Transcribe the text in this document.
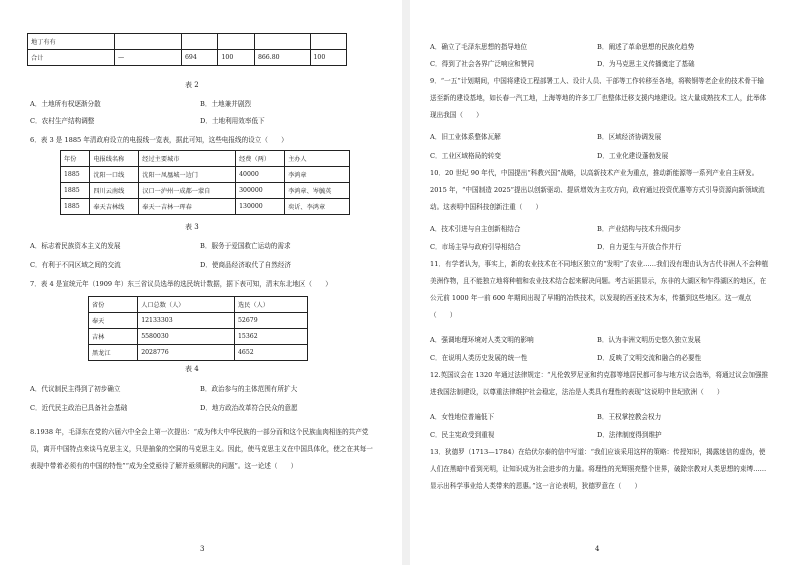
地丁有有					
合计	—	694	100	866.80	100
表 2
A．土地所有权逐渐分散	B．土地兼并剧烈
C．农村生产结构调整	D．土地利用效率低下
6．表 3 是 1885 年清政府设立的电报线一览表，据此可知，这些电报线的设立（　　）
年份	电报线名称	经过主要城市	经费（两）	主办人
1885	沈阳一口线	沈阳一凤凰城一边门	40000	李鸿章
1885	四川云南线	汉口一泸州一成都一蒙自	300000	李鸿章、岑毓英
1885	奉天吉林线	奉天一吉林一珲春	130000	奕䜣、李鸿章
表 3
A．标志着民族资本主义的发展	B．服务于爱国救亡运动的需求
C．有利于不同区域之间的交流	D．使商品经济取代了自然经济
7．表 4 是宣统元年（1909 年）东三省议员选举的选民统计数据，据下表可知，清末东北地区（　　）
省份	人口总数（人）	选民（人）
奉天	12133303	52679
吉林	5580030	15362
黑龙江	2028776	4652
表 4
A．代议制民主得到了初步确立	B．政治参与的主体范围有所扩大
C．近代民主政治已具备社会基础	D．地方政治改革符合民众的意愿
8.1938 年，毛泽东在党的六届六中全会上第一次提出：“成为伟大中华民族的一部分而和这个民族血肉相连的共产党员，离开中国特点来谈马克思主义，只是抽象的空洞的马克思主义。因此，使马克思主义在中国具体化，使之在其每一表现中带着必须有的中国的特性”“成为全党亟待了解并亟须解决的问题”。这一论述（　　）
3
A．确立了毛泽东思想的指导地位	B．阐述了革命思想的民族化趋势
C．得到了社会各界广泛响应和赞同	D．为马克思主义传播奠定了基础
9．“一五”计划期间，中国将建设工程部署工人、设计人员、干部等工作转移至各地，将鞍钢等老企业的技术骨干输送至新的建设基地，如长春一汽工地，上海等地的许多工厂也整体迁移支援内地建设。这大量成熟技术工人，此举体现出我国（　　）
A．旧工业体系整体瓦解	B．区域经济协调发展
C．工业区域格局的转变	D．工业化建设蓬勃发展
10．20 世纪 90 年代，中国提出“科教兴国”战略，以高新技术产业为重点，推动新能源等一系列产业自主研发。2015 年，“中国制造 2025”提出以创新驱动、提质增效为主攻方向，政府通过投资优惠等方式引导资源向新领域流动。这表明中国科技创新注重（　　）
A．技术引进与自主创新相结合	B．产业结构与技术升级同步
C．市场主导与政府引导相结合	D．自力更生与开放合作并行
11．有学者认为，事实上，新的农业技术在不同地区独立的“发明”了农业……我们没有理由认为古代非洲人不会种植美洲作物，且不能独立地将种植和农业技术结合起来解决问题。考古证据显示，东非的大湖区和乍得湖区的地区，在公元前 1000 年一前 600 年期间出现了早期的冶铁技术，以发现的西亚技术为本，传播到这些地区。这一观点（　　）
A．强调地理环境对人类文明的影响	B．认为非洲文明历史悠久独立发展
C．在说明人类历史发展的统一性	D．反映了文明交流和融合的必要性
12.英国议会在 1320 年通过法律规定：“凡伦敦罗尼亚和约克郡等地居民都可参与地方议会选举，将通过议会加强推进我国法制建设，以尊重法律维护社会稳定，法治是人类具有理性的表现”这说明中世纪欧洲（　　）
A．女性地位普遍低下	B．王权掌控教会权力
C．民主宪政受到重视	D．法律制度得到维护
13．狄德罗（1713—1784）在给伏尔泰的信中写道：“我们应该采用这样的策略：传授知识，揭露迷信的虚伪，使人们在黑暗中看到光明，让知识成为社会进步的力量。将理性的光辉照亮整个世界，破除宗教对人类思想的束缚……显示出科学事业给人类带来的恩惠。”这一言论表明，狄德罗意在（　　）
4
